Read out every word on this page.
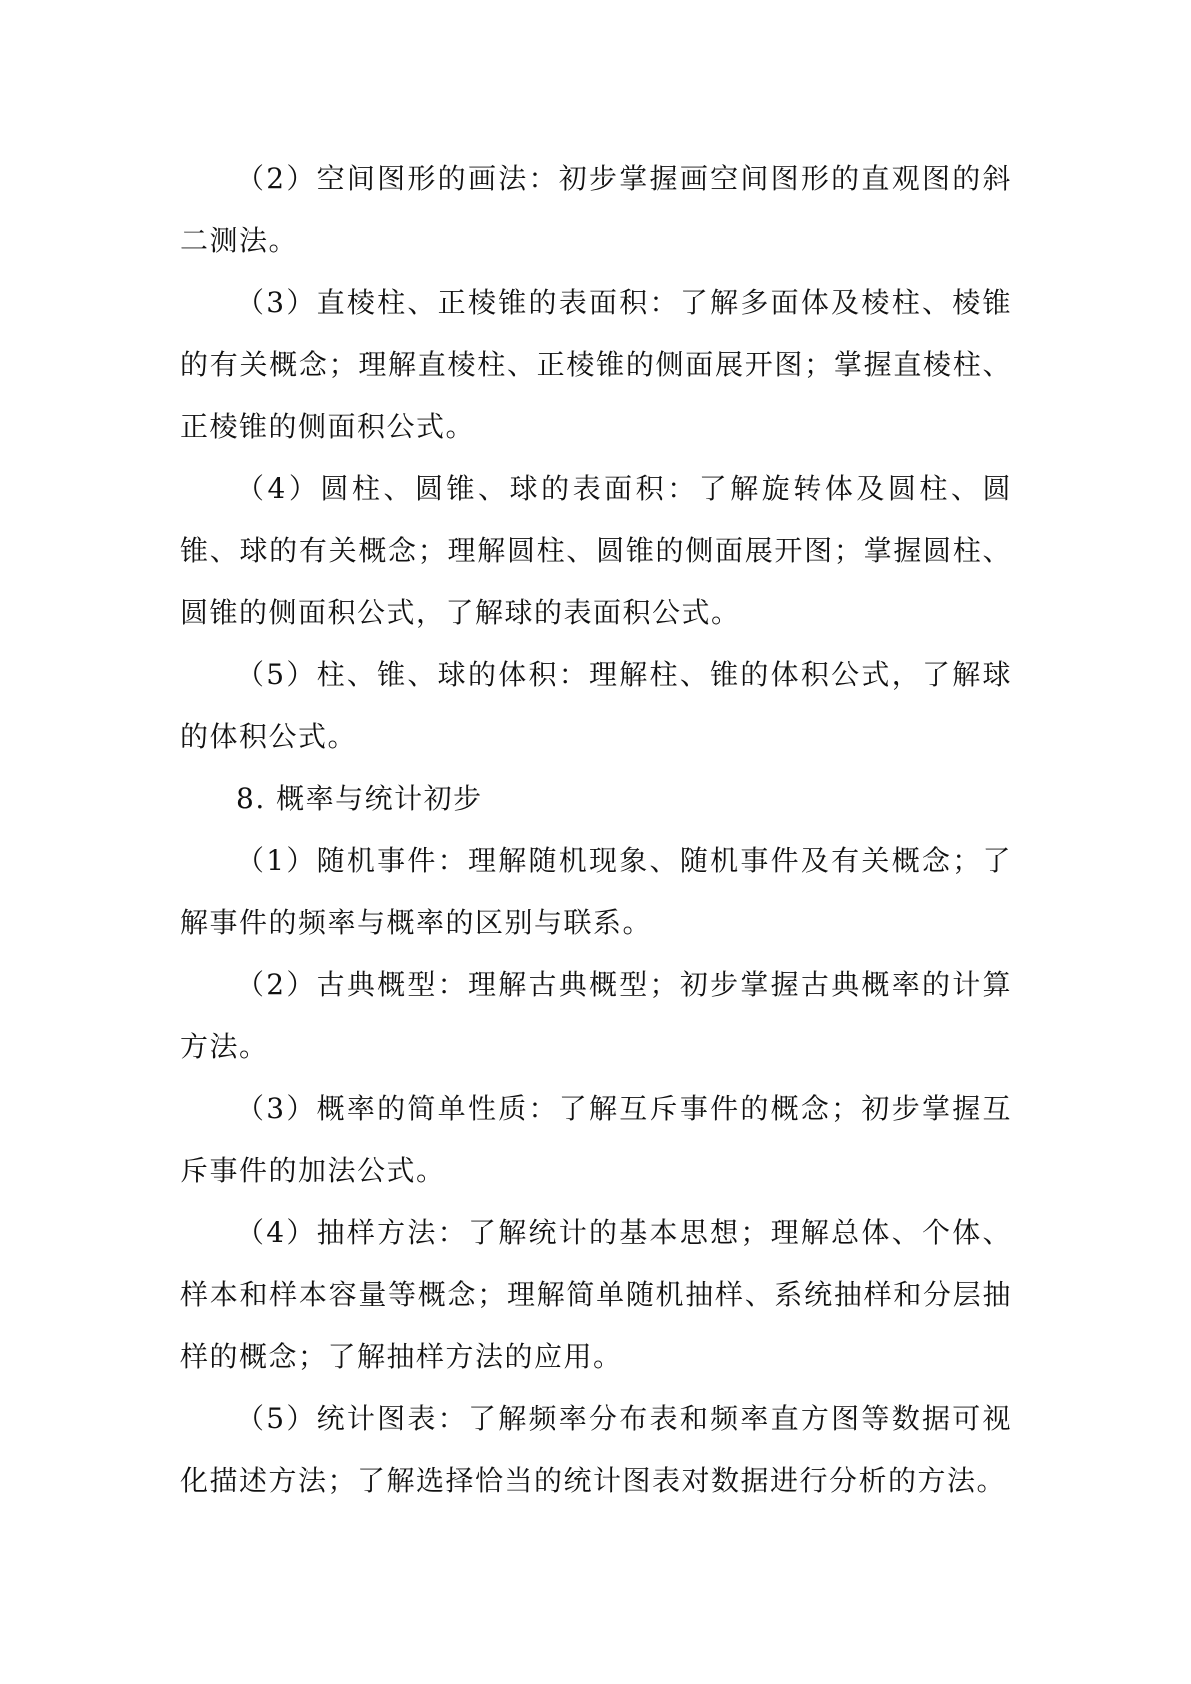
（2）空间图形的画法：初步掌握画空间图形的直观图的斜二测法。

（3）直棱柱、正棱锥的表面积：了解多面体及棱柱、棱锥的有关概念；理解直棱柱、正棱锥的侧面展开图；掌握直棱柱、正棱锥的侧面积公式。

（4）圆柱、圆锥、球的表面积：了解旋转体及圆柱、圆锥、球的有关概念；理解圆柱、圆锥的侧面展开图；掌握圆柱、圆锥的侧面积公式，了解球的表面积公式。

（5）柱、锥、球的体积：理解柱、锥的体积公式，了解球的体积公式。

8. 概率与统计初步

（1）随机事件：理解随机现象、随机事件及有关概念；了解事件的频率与概率的区别与联系。

（2）古典概型：理解古典概型；初步掌握古典概率的计算方法。

（3）概率的简单性质：了解互斥事件的概念；初步掌握互斥事件的加法公式。

（4）抽样方法：了解统计的基本思想；理解总体、个体、样本和样本容量等概念；理解简单随机抽样、系统抽样和分层抽样的概念；了解抽样方法的应用。

（5）统计图表：了解频率分布表和频率直方图等数据可视化描述方法；了解选择恰当的统计图表对数据进行分析的方法。
